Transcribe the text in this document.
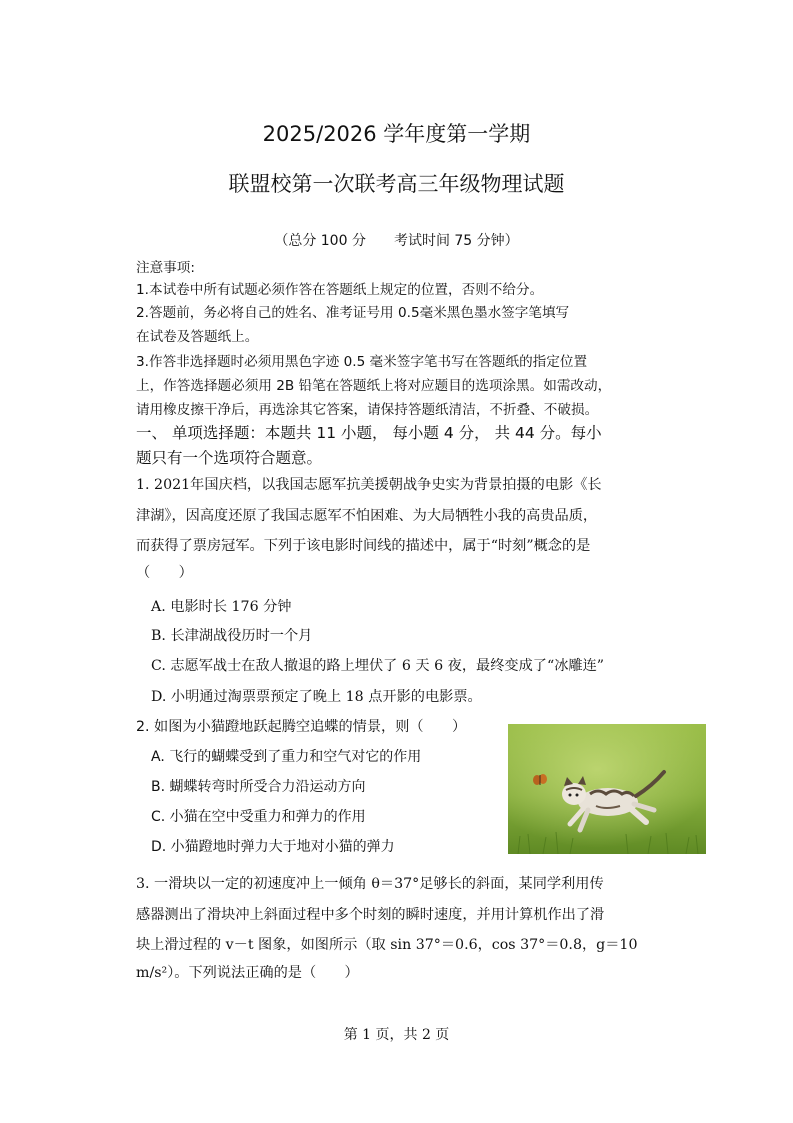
2025/2026 学年度第一学期
联盟校第一次联考高三年级物理试题
（总分 100 分　　考试时间 75 分钟）
注意事项:
1.本试卷中所有试题必须作答在答题纸上规定的位置，否则不给分。
2.答题前，务必将自己的姓名、准考证号用 0.5毫米黑色墨水签字笔填写
在试卷及答题纸上。
3.作答非选择题时必须用黑色字迹 0.5 毫米签字笔书写在答题纸的指定位置
上，作答选择题必须用 2B 铅笔在答题纸上将对应题目的选项涂黑。如需改动，
请用橡皮擦干净后，再选涂其它答案，请保持答题纸清洁，不折叠、不破损。
一、 单项选择题：本题共 11 小题， 每小题 4 分， 共 44 分。每小
题只有一个选项符合题意。
1. 2021年国庆档，以我国志愿军抗美援朝战争史实为背景拍摄的电影《长
津湖》，因高度还原了我国志愿军不怕困难、为大局牺牲小我的高贵品质，
而获得了票房冠军。下列于该电影时间线的描述中，属于“时刻”概念的是
（　　）
A. 电影时长 176 分钟
B. 长津湖战役历时一个月
C. 志愿军战士在敌人撤退的路上埋伏了 6 天 6 夜，最终变成了“冰雕连”
D. 小明通过淘票票预定了晚上 18 点开影的电影票。
2. 如图为小猫蹬地跃起腾空追蝶的情景，则（　　）
A. 飞行的蝴蝶受到了重力和空气对它的作用
B. 蝴蝶转弯时所受合力沿运动方向
C. 小猫在空中受重力和弹力的作用
D. 小猫蹬地时弹力大于地对小猫的弹力
3. 一滑块以一定的初速度冲上一倾角 θ＝37°足够长的斜面，某同学利用传
感器测出了滑块冲上斜面过程中多个时刻的瞬时速度，并用计算机作出了滑
块上滑过程的 v－t 图象，如图所示（取 sin 37°＝0.6，cos 37°＝0.8，g＝10
m/s²）。下列说法正确的是（　　）
第 1 页，共 2 页
